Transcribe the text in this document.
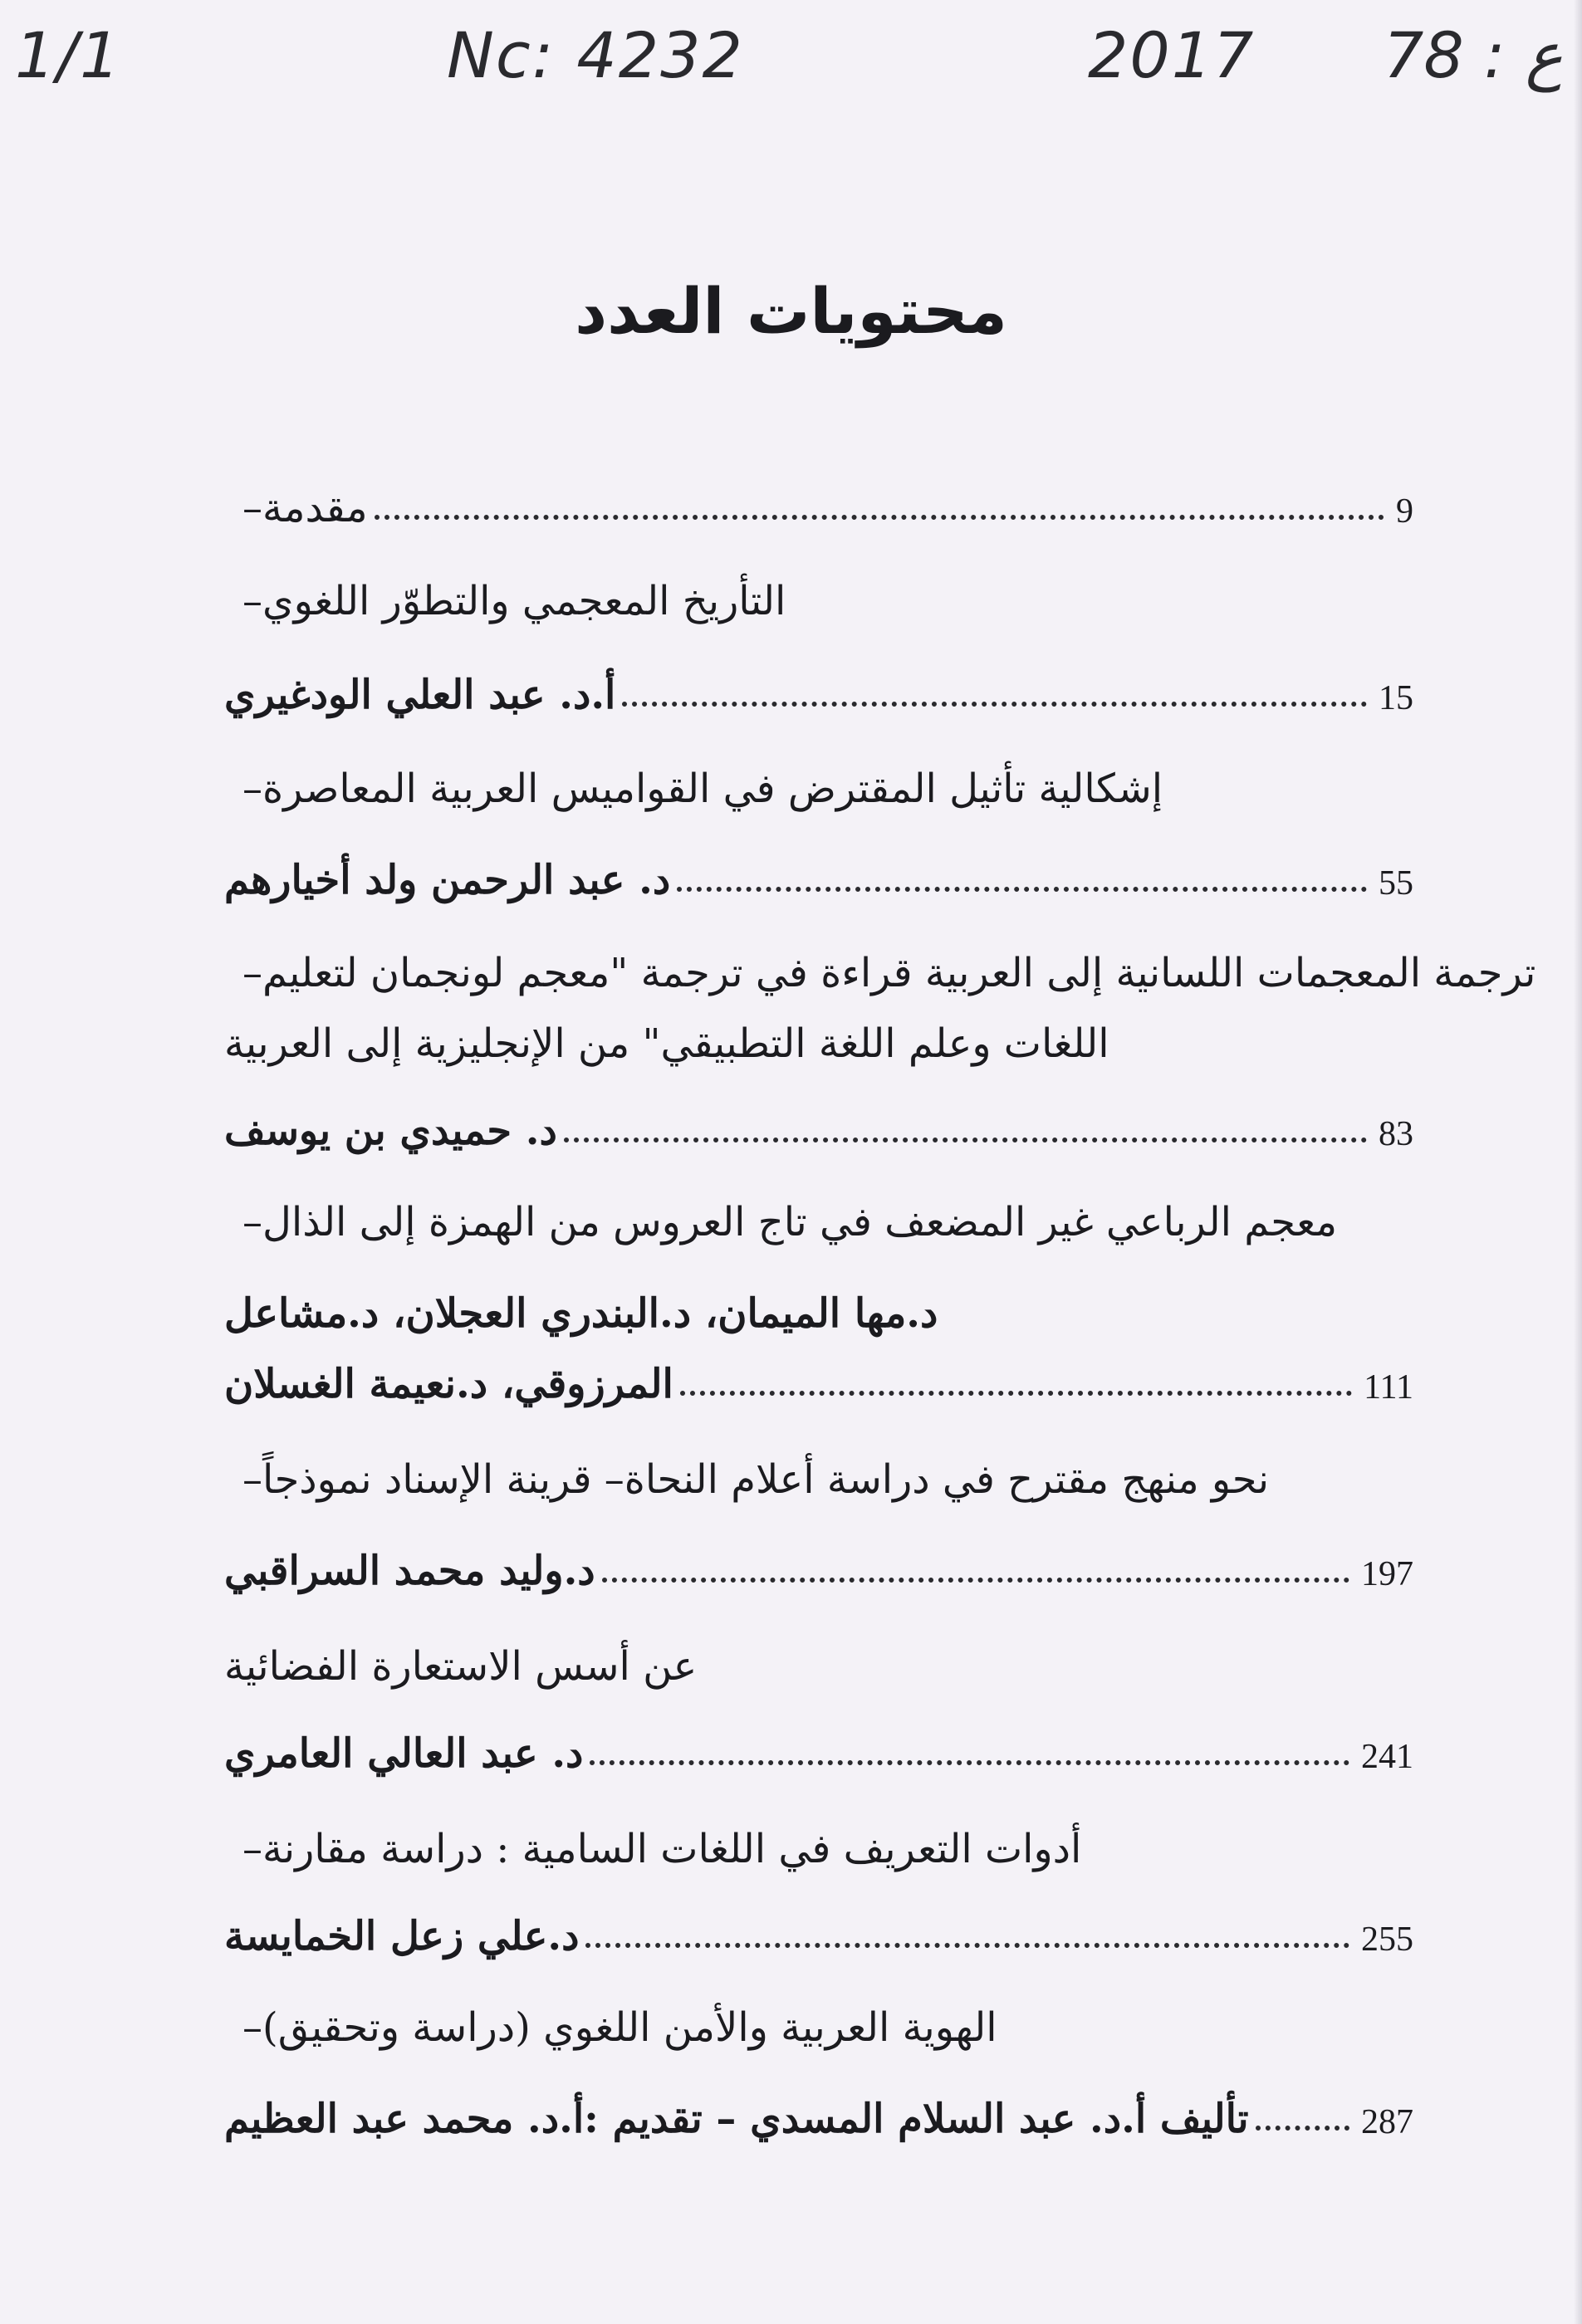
1/1	Nc: 4232	2017 78 : ع
محتويات العدد
– مقدمة	9
– التأريخ المعجمي والتطوّر اللغوي
أ.د. عبد العلي الودغيري	15
– إشكالية تأثيل المقترض في القواميس العربية المعاصرة
د. عبد الرحمن ولد أخيارهم	55
– ترجمة المعجمات اللسانية إلى العربية قراءة في ترجمة "معجم لونجمان لتعليم
اللغات وعلم اللغة التطبيقي" من الإنجليزية إلى العربية
د. حميدي بن يوسف	83
– معجم الرباعي غير المضعف في تاج العروس من الهمزة إلى الذال
د.مها الميمان، د.البندري العجلان، د.مشاعل
المرزوقي، د.نعيمة الغسلان	111
– نحو منهج مقترح في دراسة أعلام النحاة– قرينة الإسناد نموذجاً
د.وليد محمد السراقبي	197
عن أسس الاستعارة الفضائية
د. عبد العالي العامري	241
– أدوات التعريف في اللغات السامية : دراسة مقارنة
د.علي زعل الخمايسة	255
– الهوية العربية والأمن اللغوي (دراسة وتحقيق)
تأليف أ.د. عبد السلام المسدي – تقديم :أ.د. محمد عبد العظيم	287
